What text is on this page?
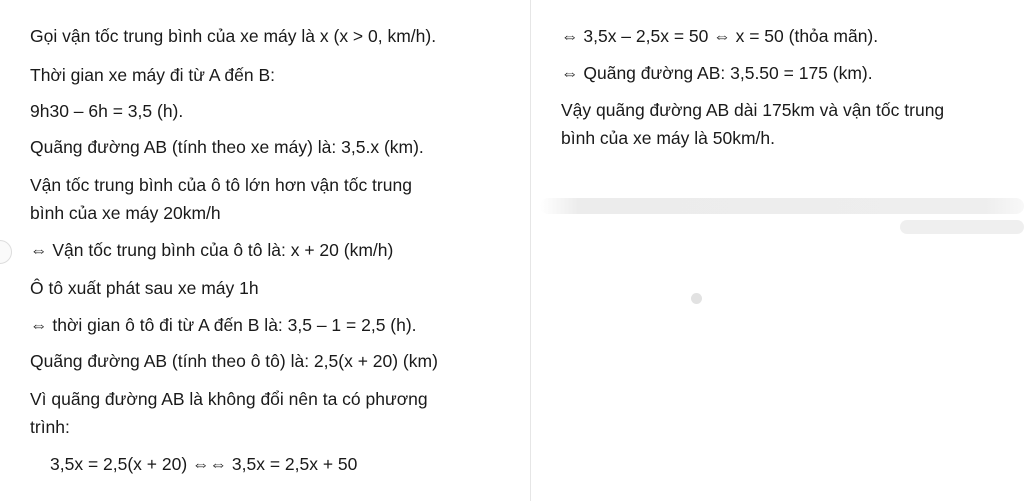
Gọi vận tốc trung bình của xe máy là x (x > 0, km/h).
Thời gian xe máy đi từ A đến B:
9h30 – 6h = 3,5 (h).
Quãng đường AB (tính theo xe máy) là: 3,5.x (km).
Vận tốc trung bình của ô tô lớn hơn vận tốc trung
bình của xe máy 20km/h
⇔ Vận tốc trung bình của ô tô là: x + 20 (km/h)
Ô tô xuất phát sau xe máy 1h
⇔ thời gian ô tô đi từ A đến B là: 3,5 – 1 = 2,5 (h).
Quãng đường AB (tính theo ô tô) là: 2,5(x + 20) (km)
Vì quãng đường AB là không đổi nên ta có phương
trình:
3,5x = 2,5(x + 20) ⇔⇔ 3,5x = 2,5x + 50
⇔ 3,5x – 2,5x = 50 ⇔ x = 50 (thỏa mãn).
⇔ Quãng đường AB: 3,5.50 = 175 (km).
Vậy quãng đường AB dài 175km và vận tốc trung
bình của xe máy là 50km/h.
